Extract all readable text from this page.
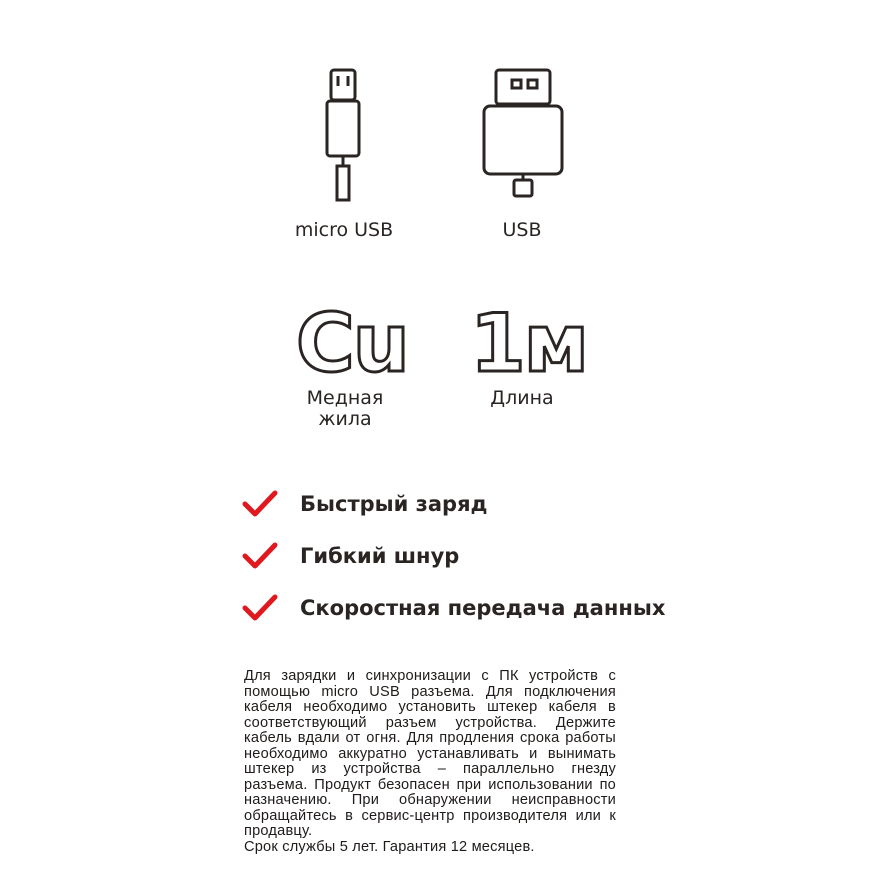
micro USB	USB
Cu 1м
Медная жила
Длина
Быстрый заряд
Гибкий шнур
Скоростная передача данных

Для зарядки и синхронизации с ПК устройств с помощью micro USB разъема. Для подключения кабеля необходимо установить штекер кабеля в соответствующий разъем устройства. Держите кабель вдали от огня. Для продления срока работы необходимо аккуратно устанавливать и вынимать штекер из устройства – параллельно гнезду разъема. Продукт безопасен при использовании по назначению. При обнаружении неисправности обращайтесь в сервис-центр производителя или к продавцу.

Срок службы 5 лет. Гарантия 12 месяцев.
